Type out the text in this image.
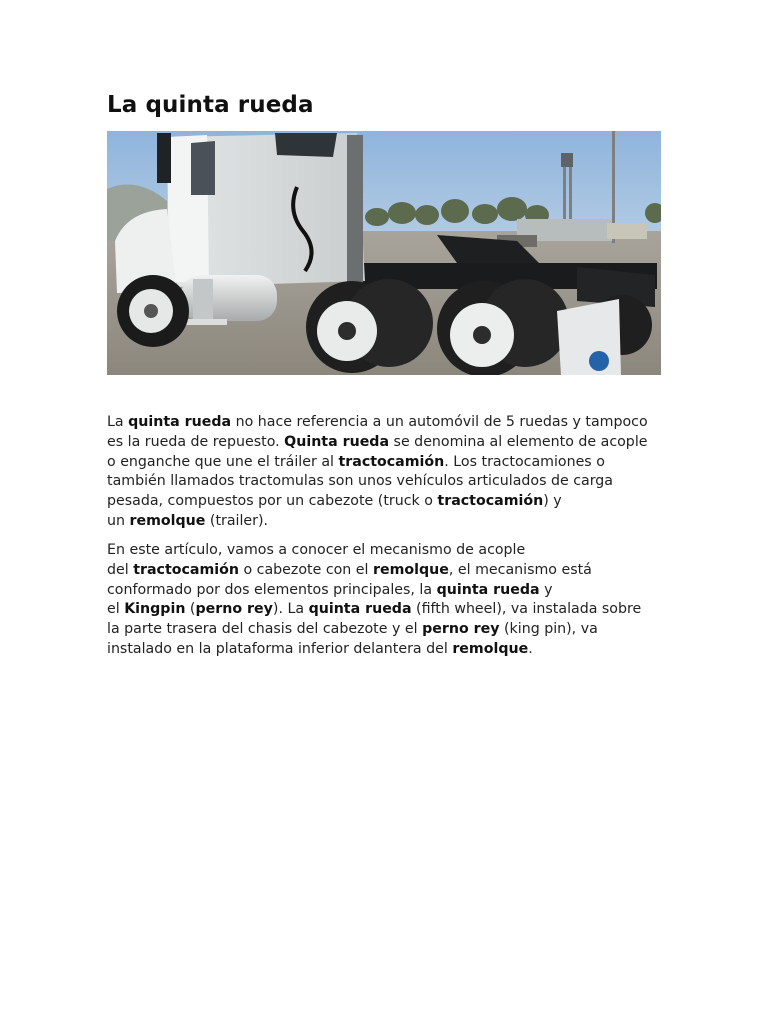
La quinta rueda
La quinta rueda no hace referencia a un automóvil de 5 ruedas y tampoco
es la rueda de repuesto. Quinta rueda se denomina al elemento de acople
o enganche que une el tráiler al tractocamión. Los tractocamiones o
también llamados tractomulas son unos vehículos articulados de carga
pesada, compuestos por un cabezote (truck o tractocamión) y
un remolque (trailer).
En este artículo, vamos a conocer el mecanismo de acople
del tractocamión o cabezote con el remolque, el mecanismo está
conformado por dos elementos principales, la quinta rueda y
el Kingpin (perno rey). La quinta rueda (fifth wheel), va instalada sobre
la parte trasera del chasis del cabezote y el perno rey (king pin), va
instalado en la plataforma inferior delantera del remolque.
